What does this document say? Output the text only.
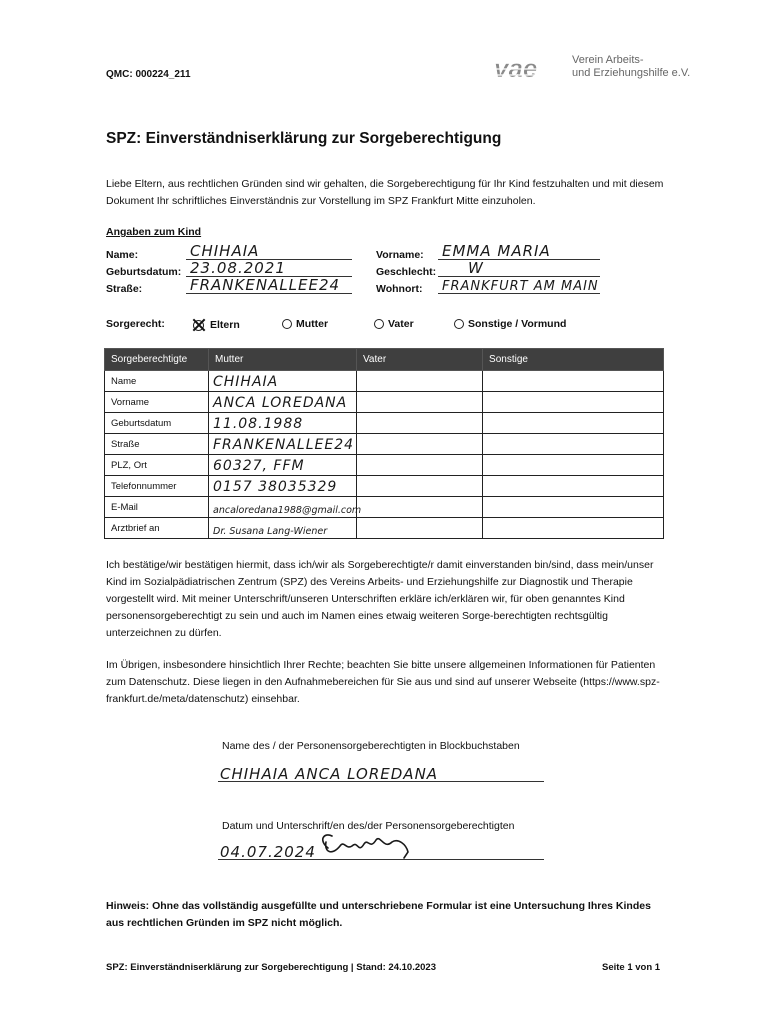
QMC: 000224_211	vae	Verein Arbeits-
und Erziehungshilfe e.V.
SPZ: Einverständniserklärung zur Sorgeberechtigung
Liebe Eltern, aus rechtlichen Gründen sind wir gehalten, die Sorgeberechtigung für Ihr Kind festzuhalten und mit diesem Dokument Ihr schriftliches Einverständnis zur Vorstellung im SPZ Frankfurt Mitte einzuholen.
Angaben zum Kind
Name:	CHIHAIA
Geburtsdatum: 23.08.2021
Straße:	FRANKENALLEE24
Vorname: EMMA MARIA
Geschlecht: W
Wohnort: FRANKFURT AM MAIN
Sorgerecht:	Eltern	Mutter	Vater	Sonstige / Vormund
Sorgeberechtigte	Mutter	Vater	Sonstige
Name	CHIHAIA		

Vorname	ANCA LOREDANA		

Geburtsdatum	11.08.1988		

Straße	FRANKENALLEE24		

PLZ, Ort	60327, FFM		

Telefonnummer	0157 38035329		

E-Mail	ancaloredana1988@gmail.com		

Arztbrief an	Dr. Susana Lang-Wiener		

Ich bestätige/wir bestätigen hiermit, dass ich/wir als Sorgeberechtigte/r damit einverstanden bin/sind, dass mein/unser Kind im Sozialpädiatrischen Zentrum (SPZ) des Vereins Arbeits- und Erziehungshilfe zur Diagnostik und Therapie vorgestellt wird. Mit meiner Unterschrift/unseren Unterschriften erkläre ich/erklären wir, für oben genanntes Kind personensorgeberechtigt zu sein und auch im Namen eines etwaig weiteren Sorge-berechtigten rechtsgültig unterzeichnen zu dürfen.
Im Übrigen, insbesondere hinsichtlich Ihrer Rechte; beachten Sie bitte unsere allgemeinen Informationen für Patienten zum Datenschutz. Diese liegen in den Aufnahmebereichen für Sie aus und sind auf unserer Webseite (https://www.spz-frankfurt.de/meta/datenschutz) einsehbar.
Name des / der Personensorgeberechtigten in Blockbuchstaben
CHIHAIA ANCA LOREDANA
Datum und Unterschrift/en des/der Personensorgeberechtigten
04.07.2024
Hinweis: Ohne das vollständig ausgefüllte und unterschriebene Formular ist eine Untersuchung Ihres Kindes aus rechtlichen Gründen im SPZ nicht möglich.
SPZ: Einverständniserklärung zur Sorgeberechtigung | Stand: 24.10.2023	Seite 1 von 1
